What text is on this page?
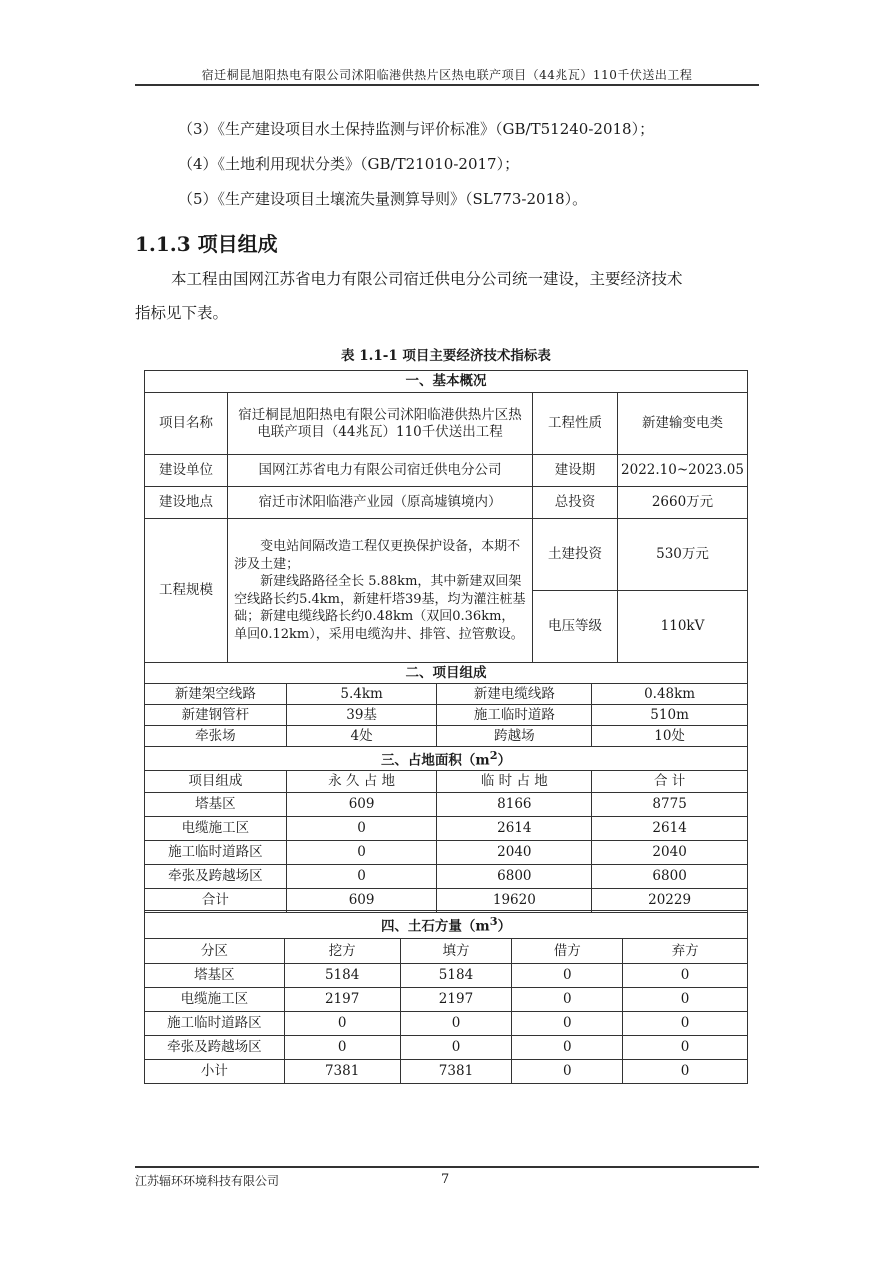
宿迁桐昆旭阳热电有限公司沭阳临港供热片区热电联产项目（44兆瓦）110千伏送出工程
（3）《生产建设项目水土保持监测与评价标准》（GB/T51240-2018）；
（4）《土地利用现状分类》（GB/T21010-2017）；
（5）《生产建设项目土壤流失量测算导则》（SL773-2018）。
1.1.3 项目组成
本工程由国网江苏省电力有限公司宿迁供电分公司统一建设，主要经济技术
指标见下表。
表 1.1-1 项目主要经济技术指标表
一、基本概况			
项目名称	宿迁桐昆旭阳热电有限公司沭阳临港供热片区热电联产项目（44兆瓦）110千伏送出工程	工程性质	新建输变电类
建设单位	国网江苏省电力有限公司宿迁供电分公司	建设期	2022.10~2023.05
建设地点	宿迁市沭阳临港产业园（原高墟镇境内）	总投资	2660万元
工程规模	变电站间隔改造工程仅更换保护设备，本期不涉及土建；

新建线路路径全长 5.88km，其中新建双回架空线路长约5.4km，新建杆塔39基，均为灌注桩基础；新建电缆线路长约0.48km（双回0.36km，单回0.12km），采用电缆沟井、排管、拉管敷设。	土建投资	530万元
		电压等级	110kV
二、项目组成			
新建架空线路	5.4km	新建电缆线路	0.48km
新建钢管杆	39基	施工临时道路	510m
牵张场	4处	跨越场	10处
三、占地面积$(m^2)$			
项目组成	永 久 占 地	临 时 占 地	合 计
塔基区	609	8166	8775
电缆施工区	0	2614	2614
施工临时道路区	0	2040	2040
牵张及跨越场区	0	6800	6800
合计	609	19620	20229
四、土石方量$(m^3)$				
分区	挖方	填方	借方	弃方
塔基区	5184	5184	0	0
电缆施工区	2197	2197	0	0
施工临时道路区	0	0	0	0
牵张及跨越场区	0	0	0	0
小计	7381	7381	0	0
江苏辐环环境科技有限公司	7
